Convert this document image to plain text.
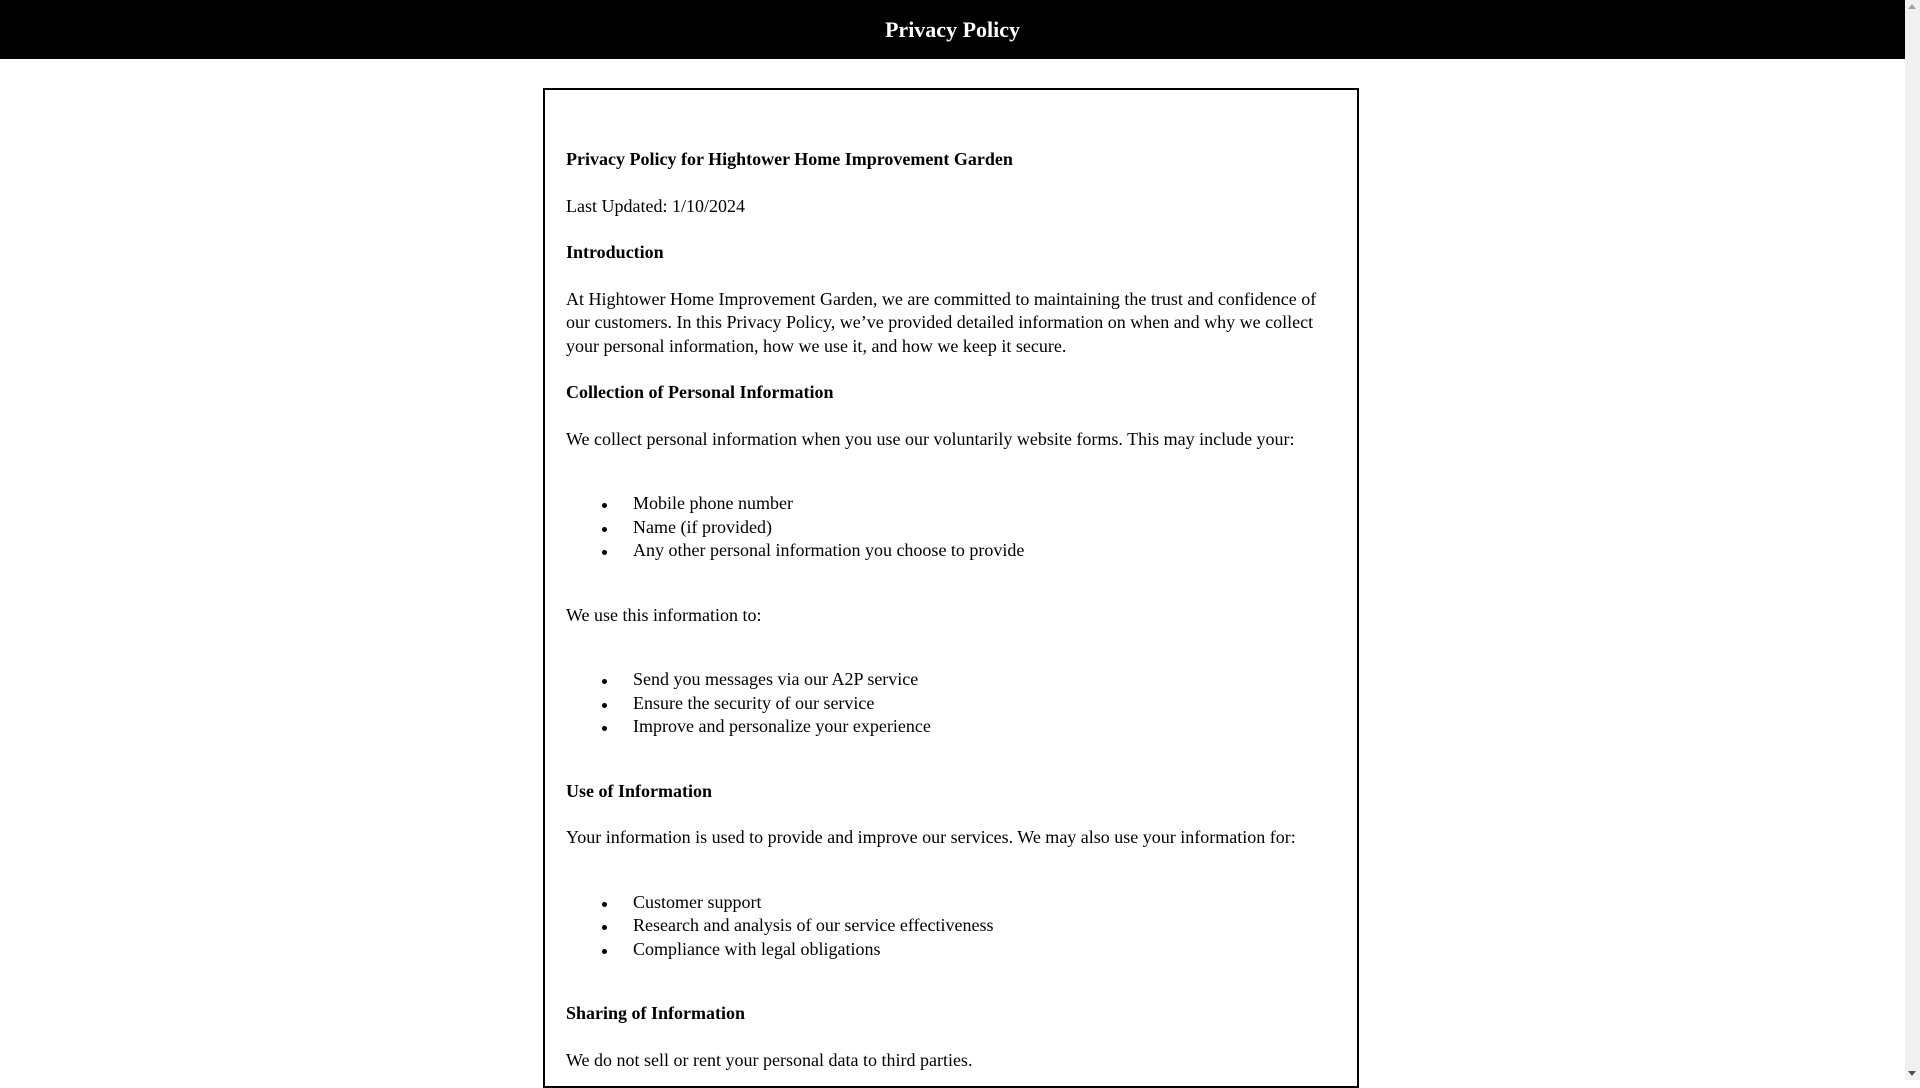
Privacy Policy

Privacy Policy for Hightower Home Improvement Garden

Last Updated: 1/10/2024

Introduction

At Hightower Home Improvement Garden, we are committed to maintaining the trust and confidence of our customers. In this Privacy Policy, we’ve provided detailed information on when and why we collect your personal information, how we use it, and how we keep it secure.

Collection of Personal Information

We collect personal information when you use our voluntarily website forms. This may include your:

Mobile phone number
Name (if provided)
Any other personal information you choose to provide

We use this information to:

Send you messages via our A2P service
Ensure the security of our service
Improve and personalize your experience
Use of Information

Your information is used to provide and improve our services. We may also use your information for:

Customer support
Research and analysis of our service effectiveness
Compliance with legal obligations
Sharing of Information

We do not sell or rent your personal data to third parties.
